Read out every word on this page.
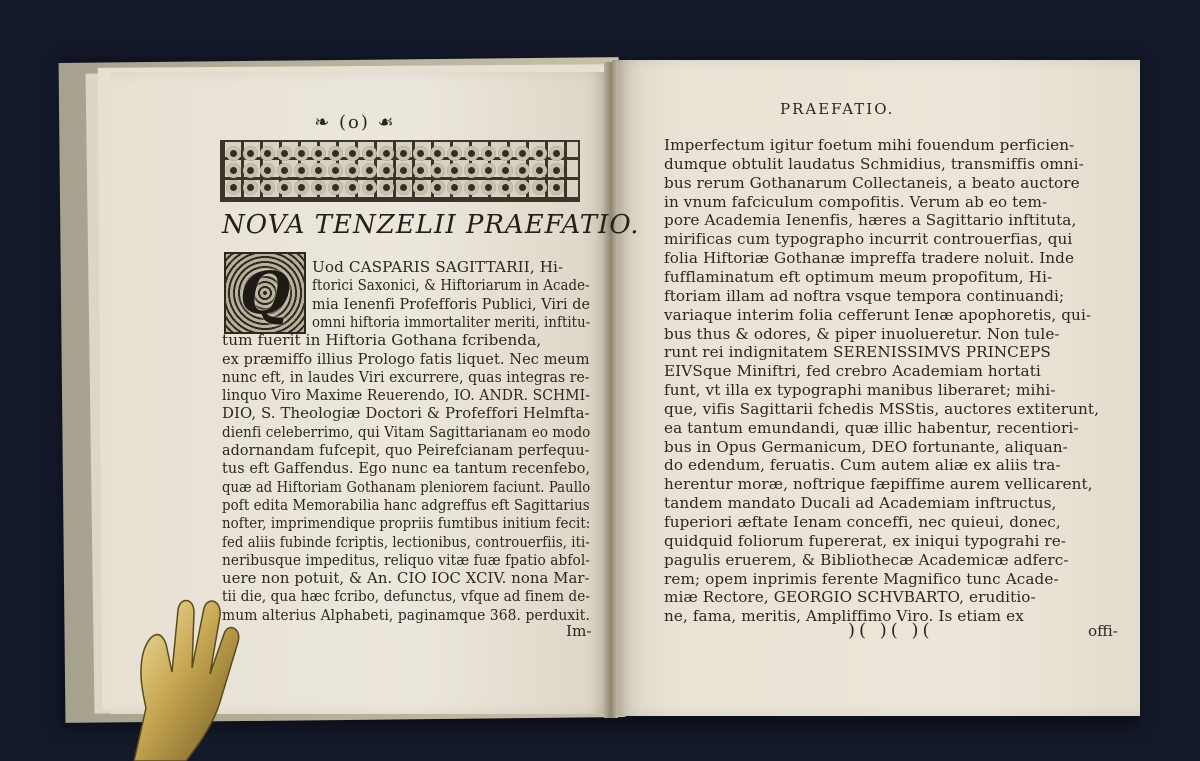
❧ (o) ☙
NOVA TENZELII PRAEFATIO.
Q	Uod CASPARIS SAGITTARII, Hi-
ftorici Saxonici, & Hiftoriarum in Acade-
mia Ienenfi Profefforis Publici, Viri de
omni hiftoria immortaliter meriti, inftitu-
tum fuerit in Hiftoria Gothana fcribenda,
ex præmiffo illius Prologo fatis liquet. Nec meum
nunc eft, in laudes Viri excurrere, quas integras re-
linquo Viro Maxime Reuerendo, IO. ANDR. SCHMI-
DIO, S. Theologiæ Doctori & Profeffori Helmfta-
dienfi celeberrimo, qui Vitam Sagittarianam eo modo
adornandam fufcepit, quo Peirefcianam perfequu-
tus eft Gaffendus. Ego nunc ea tantum recenfebo,
quæ ad Hiftoriam Gothanam pleniorem faciunt. Paullo
poft edita Memorabilia hanc adgreffus eft Sagittarius
nofter, imprimendique propriis fumtibus initium fecit:
fed aliis fubinde fcriptis, lectionibus, controuerfiis, iti-
neribusque impeditus, reliquo vitæ fuæ fpatio abfol-
uere non potuit, & An. CIO IOC XCIV. nona Mar-
tii die, qua hæc fcribo, defunctus, vfque ad finem de-
mum alterius Alphabeti, paginamque 368. perduxit.
Im-
PRAEFATIO.
Imperfectum igitur foetum mihi fouendum perficien-
dumque obtulit laudatus Schmidius, transmiffis omni-
bus rerum Gothanarum Collectaneis, a beato auctore
in vnum fafciculum compofitis. Verum ab eo tem-
pore Academia Ienenfis, hæres a Sagittario inftituta,
mirificas cum typographo incurrit controuerfias, qui
folia Hiftoriæ Gothanæ impreffa tradere noluit. Inde
fufflaminatum eft optimum meum propofitum, Hi-
ftoriam illam ad noftra vsque tempora continuandi;
variaque interim folia cefferunt Ienæ apophoretis, qui-
bus thus & odores, & piper inuolueretur. Non tule-
runt rei indignitatem SERENISSIMVS PRINCEPS
EIVSque Miniftri, fed crebro Academiam hortati
funt, vt illa ex typographi manibus liberaret; mihi-
que, vifis Sagittarii fchedis MSStis, auctores extiterunt,
ea tantum emundandi, quæ illic habentur, recentiori-
bus in Opus Germanicum, DEO fortunante, aliquan-
do edendum, feruatis. Cum autem aliæ ex aliis tra-
herentur moræ, noftrique fæpiffime aurem vellicarent,
tandem mandato Ducali ad Academiam inftructus,
fuperiori æftate Ienam conceffi, nec quieui, donec,
quidquid foliorum fupererat, ex iniqui typograhi re-
pagulis eruerem, & Bibliothecæ Academicæ adferc-
rem; opem inprimis ferente Magnifico tunc Acade-
miæ Rectore, GEORGIO SCHVBARTO, eruditio-
ne, fama, meritis, Ampliffimo Viro. Is etiam ex
)( )( )(	offi-
